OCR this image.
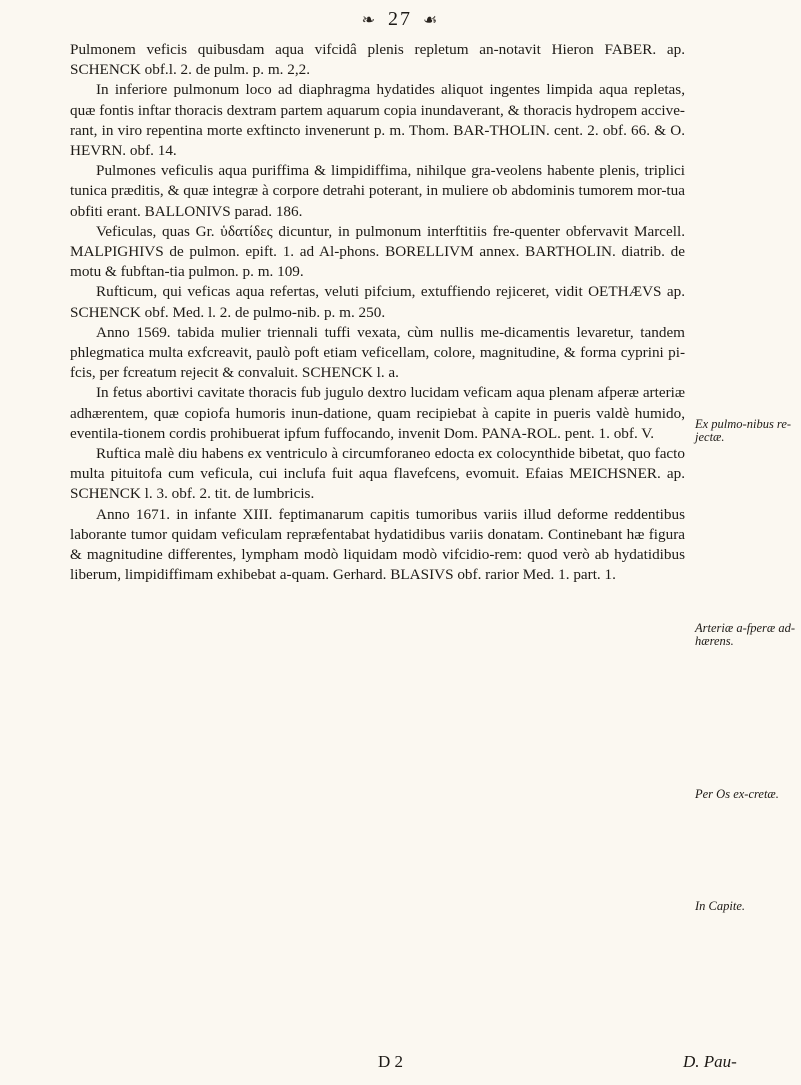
❧ 27 ☙

Pulmonem veficis quibusdam aqua vifcidâ plenis repletum an-notavit Hieron FABER. ap. SCHENCK obf.l. 2. de pulm. p. m. 2,2.

In inferiore pulmonum loco ad diaphragma hydatides aliquot ingentes limpida aqua repletas, quæ fontis inftar thoracis dextram partem aquarum copia inundaverant, & thoracis hydropem accive-rant, in viro repentina morte exftincto invenerunt p. m. Thom. BAR-THOLIN. cent. 2. obf. 66. & O. HEVRN. obf. 14.

Pulmones veficulis aqua puriffima & limpidiffima, nihilque gra-veolens habente plenis, triplici tunica præditis, & quæ integræ à corpore detrahi poterant, in muliere ob abdominis tumorem mor-tua obfiti erant. BALLONIVS parad. 186.

Veficulas, quas Gr. ὑδατίδες dicuntur, in pulmonum interftitiis fre-quenter obfervavit Marcell. MALPIGHIVS de pulmon. epift. 1. ad Al-phons. BORELLIVM annex. BARTHOLIN. diatrib. de motu & fubftan-tia pulmon. p. m. 109.

Rufticum, qui veficas aqua refertas, veluti pifcium, extuffiendo rejiceret, vidit OETHÆVS ap. SCHENCK obf. Med. l. 2. de pulmo-nib. p. m. 250.

Anno 1569. tabida mulier triennali tuffi vexata, cùm nullis me-dicamentis levaretur, tandem phlegmatica multa exfcreavit, paulò poft etiam veficellam, colore, magnitudine, & forma cyprini pi-fcis, per fcreatum rejecit & convaluit. SCHENCK l. a.

In fetus abortivi cavitate thoracis fub jugulo dextro lucidam veficam aqua plenam afperæ arteriæ adhærentem, quæ copiofa humoris inun-datione, quam recipiebat à capite in pueris valdè humido, eventila-tionem cordis prohibuerat ipfum fuffocando, invenit Dom. PANA-ROL. pent. 1. obf. V.

Ruftica malè diu habens ex ventriculo à circumforaneo edocta ex colocynthide bibetat, quo facto multa pituitofa cum veficula, cui inclufa fuit aqua flavefcens, evomuit. Efaias MEICHSNER. ap. SCHENCK l. 3. obf. 2. tit. de lumbricis.

Anno 1671. in infante XIII. feptimanarum capitis tumoribus variis illud deforme reddentibus laborante tumor quidam veficulam repræfentabat hydatidibus variis donatam. Continebant hæ figura & magnitudine differentes, lympham modò liquidam modò vifcidio-rem: quod verò ab hydatidibus liberum, limpidiffimam exhibebat a-quam. Gerhard. BLASIVS obf. rarior Med. 1. part. 1.

Ex pulmo-nibus re-jectæ.
Arteriæ a-fperæ ad-hærens.
Per Os ex-cretæ.
In Capite.
D 2	D. Pau-
